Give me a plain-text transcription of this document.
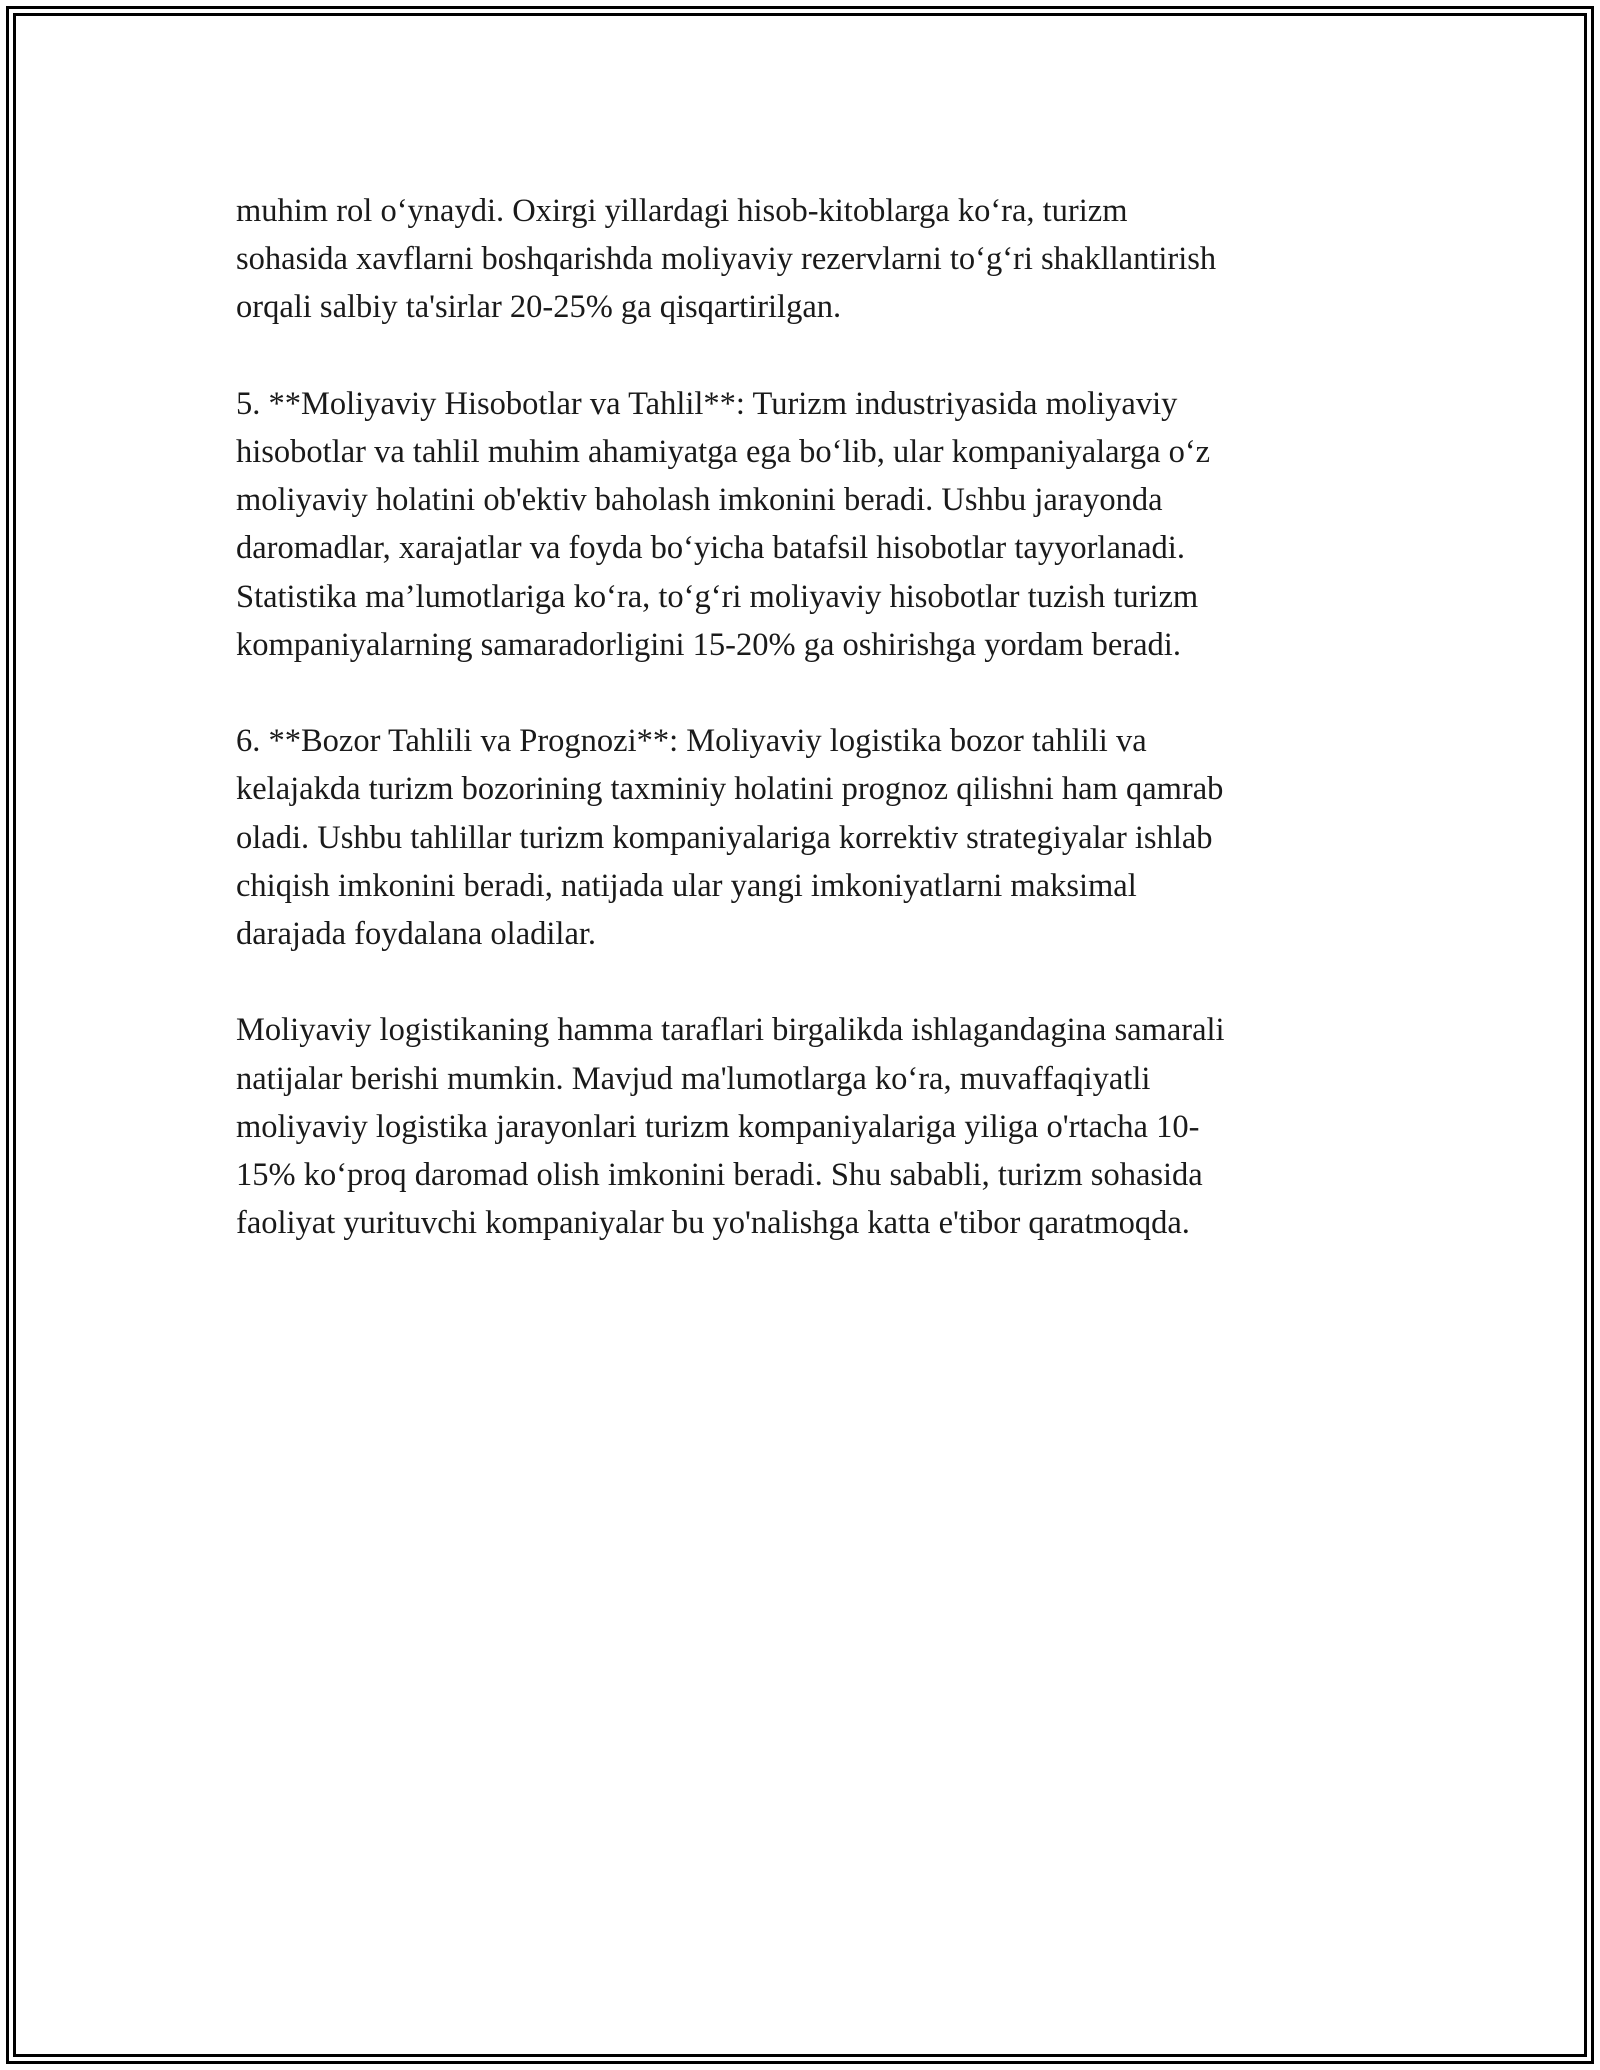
muhim rol o‘ynaydi. Oxirgi yillardagi hisob-kitoblarga ko‘ra, turizm
sohasida xavflarni boshqarishda moliyaviy rezervlarni to‘g‘ri shakllantirish
orqali salbiy ta'sirlar 20-25% ga qisqartirilgan.

5. **Moliyaviy Hisobotlar va Tahlil**: Turizm industriyasida moliyaviy
hisobotlar va tahlil muhim ahamiyatga ega bo‘lib, ular kompaniyalarga o‘z
moliyaviy holatini ob'ektiv baholash imkonini beradi. Ushbu jarayonda
daromadlar, xarajatlar va foyda bo‘yicha batafsil hisobotlar tayyorlanadi.
Statistika ma’lumotlariga ko‘ra, to‘g‘ri moliyaviy hisobotlar tuzish turizm
kompaniyalarning samaradorligini 15-20% ga oshirishga yordam beradi.

6. **Bozor Tahlili va Prognozi**: Moliyaviy logistika bozor tahlili va
kelajakda turizm bozorining taxminiy holatini prognoz qilishni ham qamrab
oladi. Ushbu tahlillar turizm kompaniyalariga korrektiv strategiyalar ishlab
chiqish imkonini beradi, natijada ular yangi imkoniyatlarni maksimal
darajada foydalana oladilar.

Moliyaviy logistikaning hamma taraflari birgalikda ishlagandagina samarali
natijalar berishi mumkin. Mavjud ma'lumotlarga ko‘ra, muvaffaqiyatli
moliyaviy logistika jarayonlari turizm kompaniyalariga yiliga o'rtacha 10-
15% ko‘proq daromad olish imkonini beradi. Shu sababli, turizm sohasida
faoliyat yurituvchi kompaniyalar bu yo'nalishga katta e'tibor qaratmoqda.
